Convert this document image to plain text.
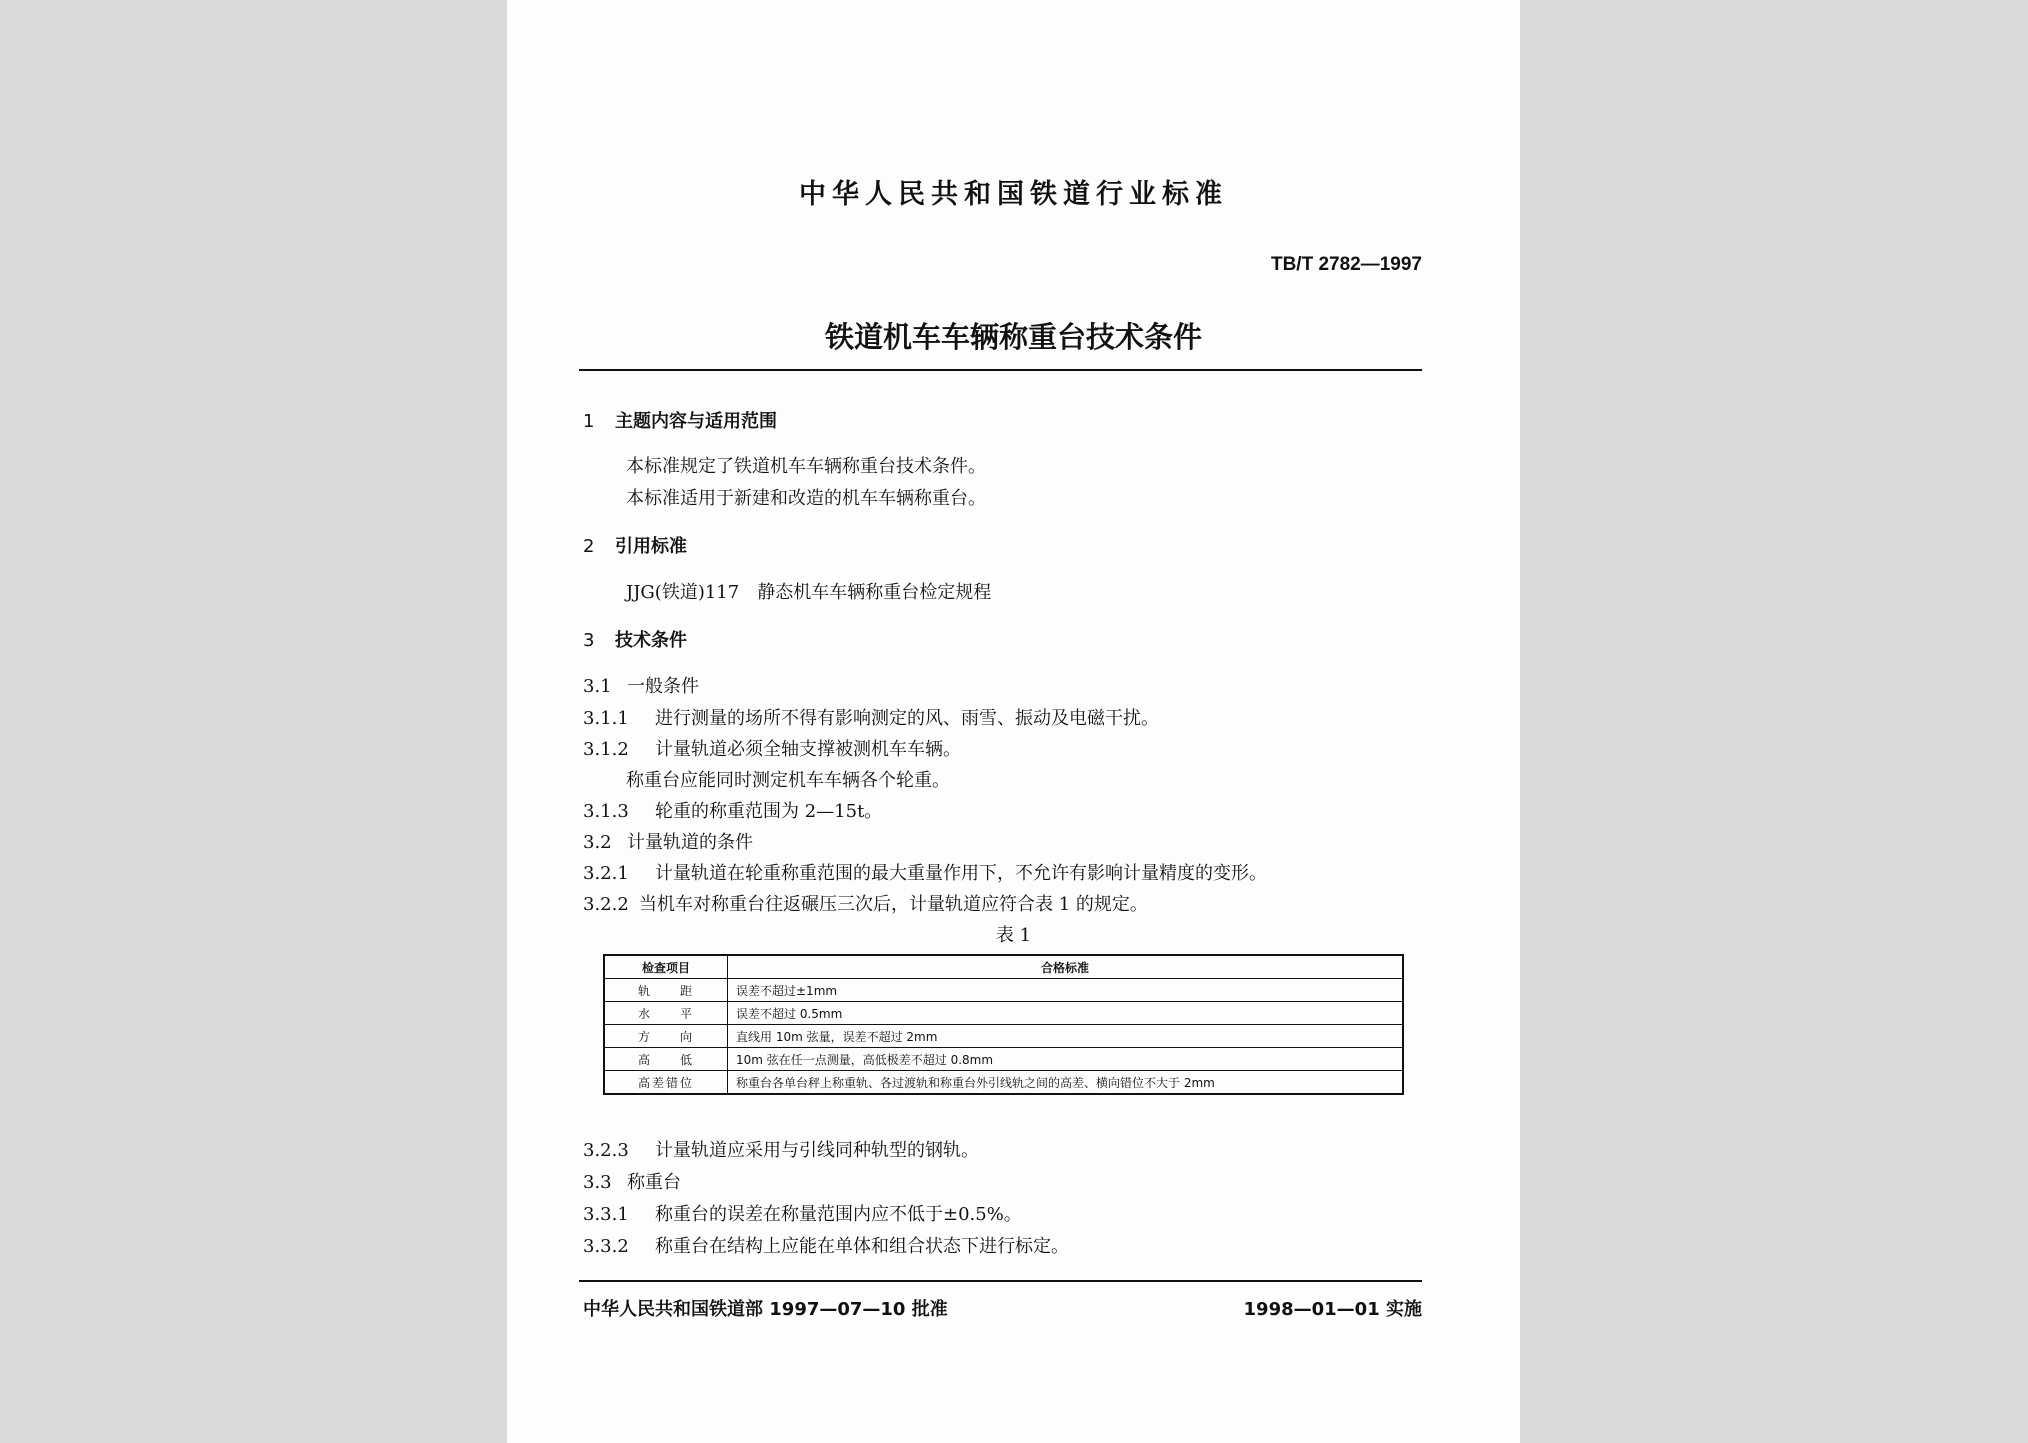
中华人民共和国铁道行业标准
TB/T 2782—1997
铁道机车车辆称重台技术条件
1 主题内容与适用范围
本标准规定了铁道机车车辆称重台技术条件。
本标准适用于新建和改造的机车车辆称重台。
2 引用标准
JJG(铁道)117　静态机车车辆称重台检定规程
3 技术条件
3.1 一般条件
3.1.1 进行测量的场所不得有影响测定的风、雨雪、振动及电磁干扰。
3.1.2 计量轨道必须全轴支撑被测机车车辆。
称重台应能同时测定机车车辆各个轮重。
3.1.3 轮重的称重范围为 2—15t。
3.2 计量轨道的条件
3.2.1 计量轨道在轮重称重范围的最大重量作用下，不允许有影响计量精度的变形。
3.2.2 当机车对称重台往返碾压三次后，计量轨道应符合表 1 的规定。
表 1
检查项目	合格标准
轨　　距	误差不超过±1mm
水　　平	误差不超过 0.5mm
方　　向	直线用 10m 弦量，误差不超过 2mm
高　　低	10m 弦在任一点测量，高低极差不超过 0.8mm
高差错位	称重台各单台秤上称重轨、各过渡轨和称重台外引线轨之间的高差、横向错位不大于 2mm
3.2.3 计量轨道应采用与引线同种轨型的钢轨。
3.3 称重台
3.3.1 称重台的误差在称量范围内应不低于±0.5%。
3.3.2 称重台在结构上应能在单体和组合状态下进行标定。
中华人民共和国铁道部 1997—07—10 批准	1998—01—01 实施
